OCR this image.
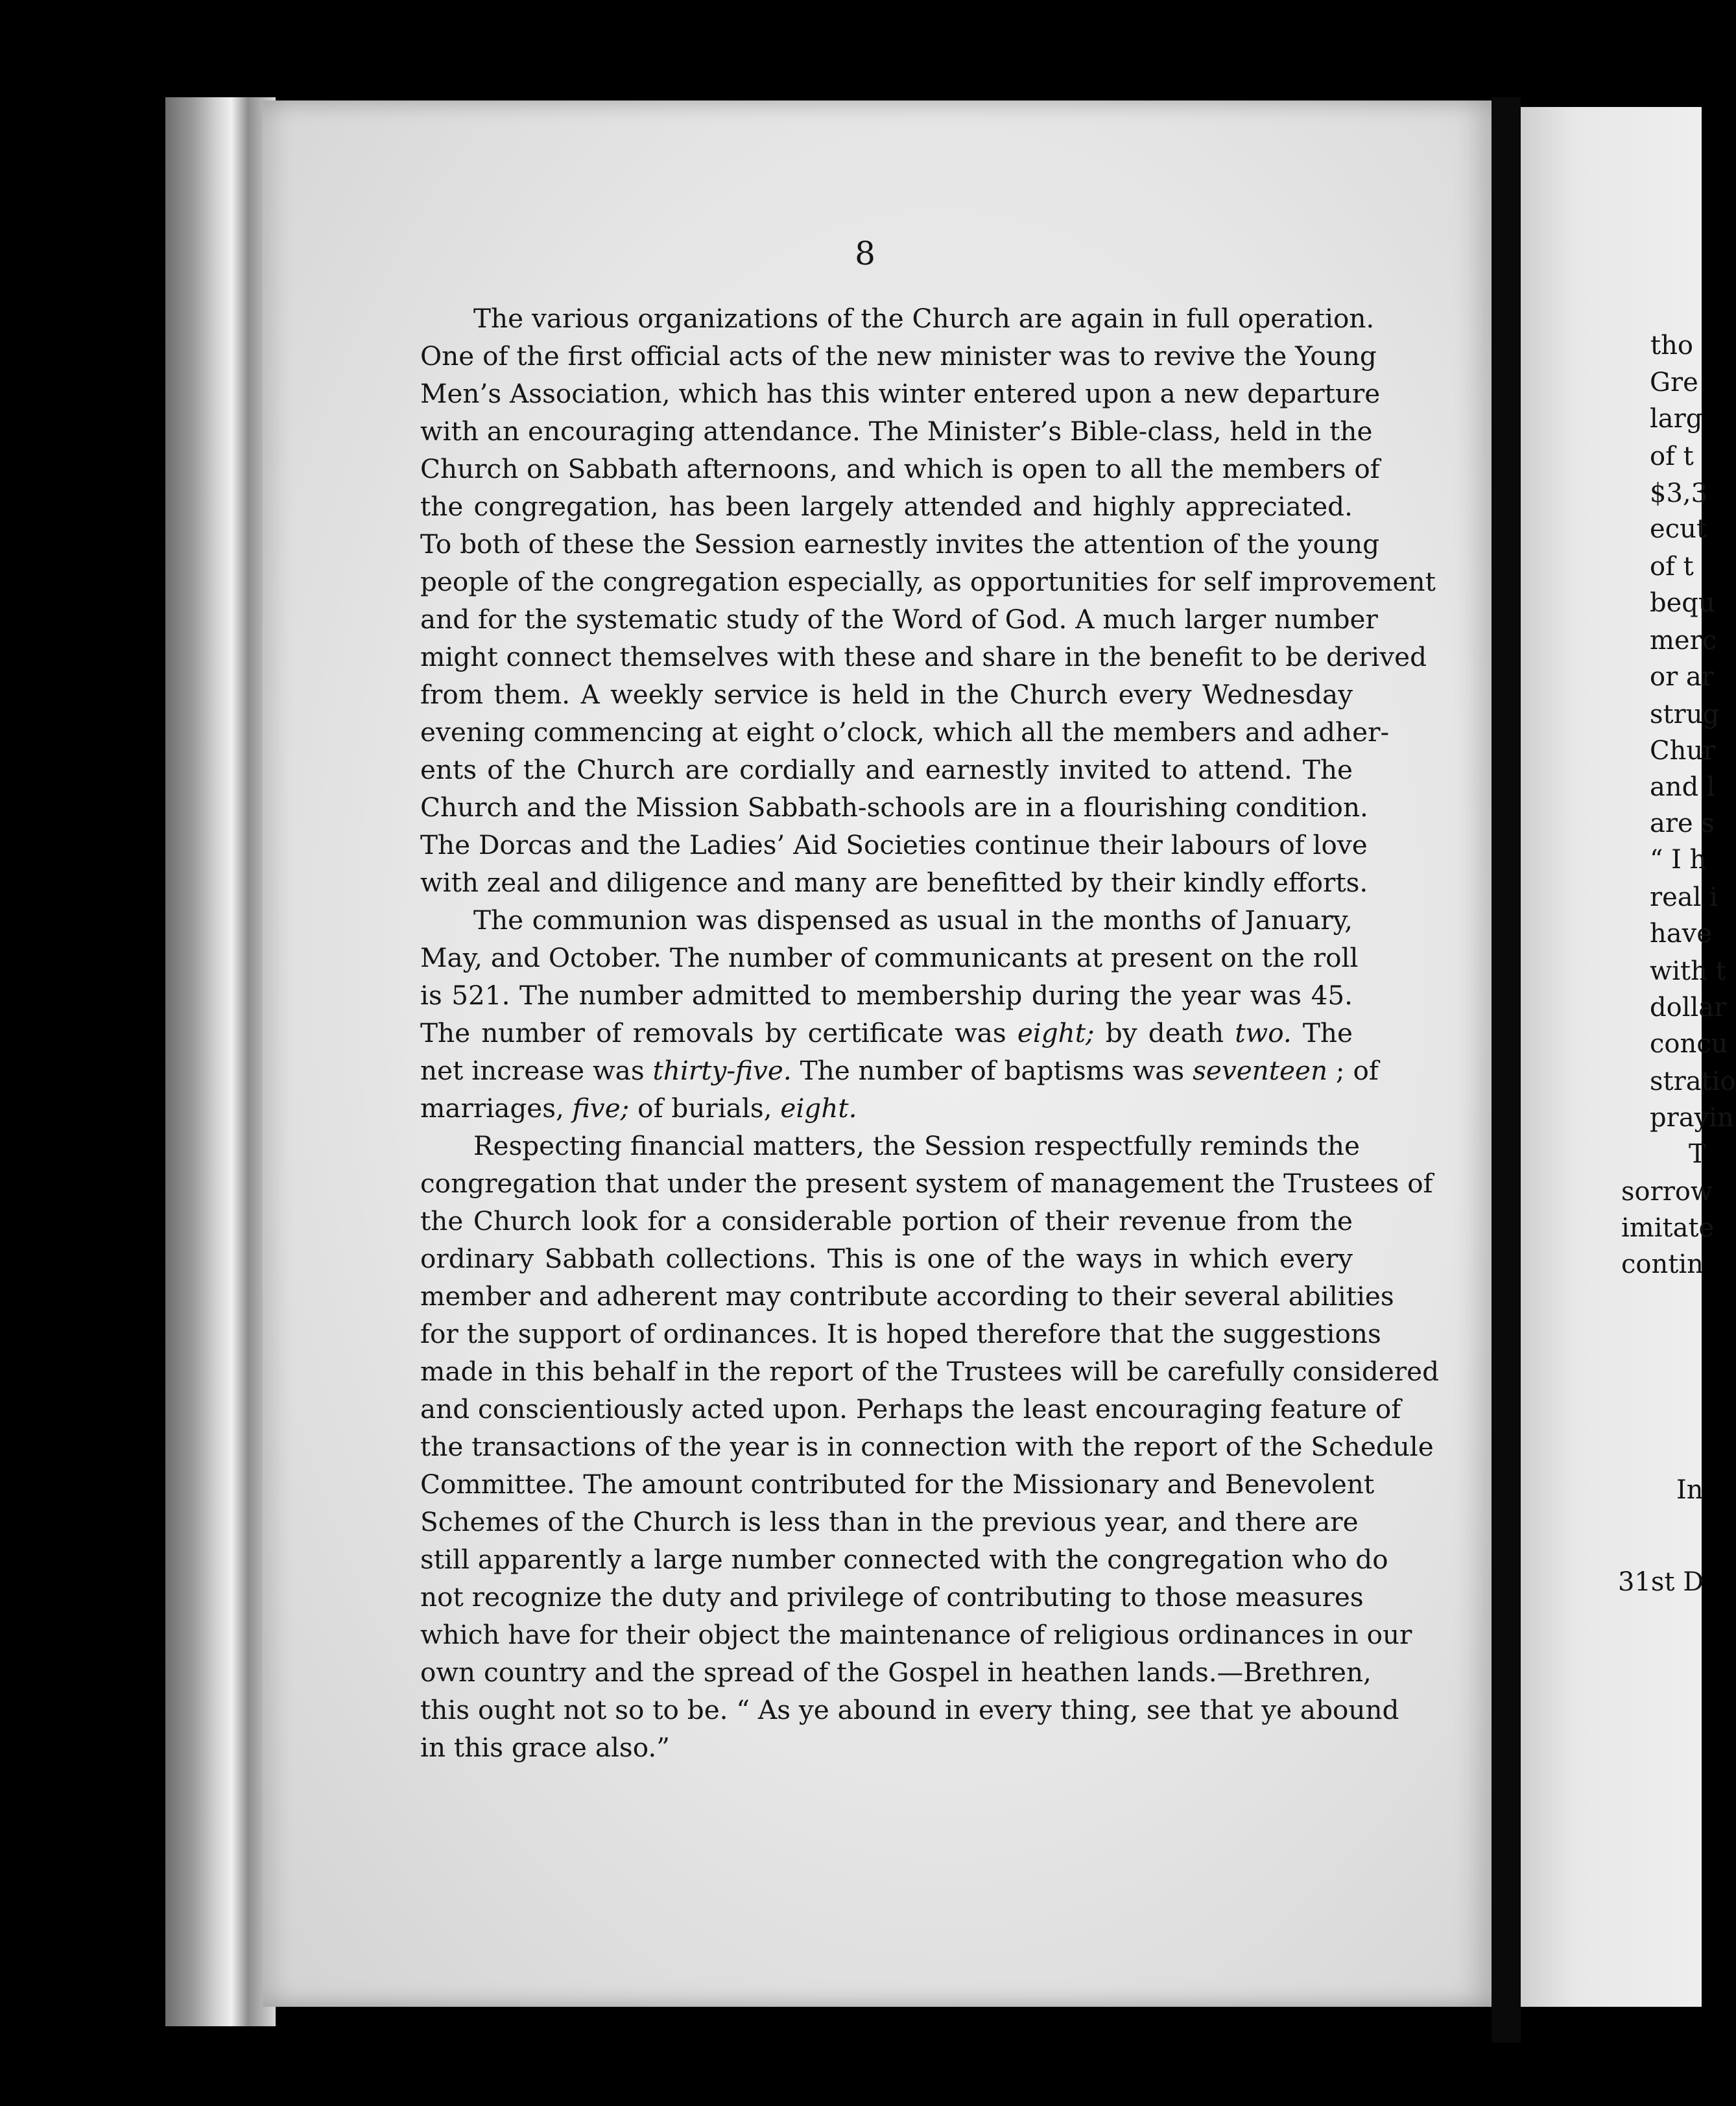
tho
Gre
larg
of t
$3,3
ecut
of t
bequ
merc
or ar
strug
Chur
and l
are s
“ I h
real i
have
with t
dollar
concu
stratio
prayin
T
sorrow
imitate
contin
In
31st D
8
The various organizations of the Church are again in full operation.
One of the first official acts of the new minister was to revive the Young
Men’s Association, which has this winter entered upon a new departure
with an encouraging attendance. The Minister’s Bible-class, held in the
Church on Sabbath afternoons, and which is open to all the members of
the congregation, has been largely attended and highly appreciated.
To both of these the Session earnestly invites the attention of the young
people of the congregation especially, as opportunities for self improvement
and for the systematic study of the Word of God. A much larger number
might connect themselves with these and share in the benefit to be derived
from them. A weekly service is held in the Church every Wednesday
evening commencing at eight o’clock, which all the members and adher-
ents of the Church are cordially and earnestly invited to attend. The
Church and the Mission Sabbath-schools are in a flourishing condition.
The Dorcas and the Ladies’ Aid Societies continue their labours of love
with zeal and diligence and many are benefitted by their kindly efforts.
The communion was dispensed as usual in the months of January,
May, and October. The number of communicants at present on the roll
is 521. The number admitted to membership during the year was 45.
The number of removals by certificate was eight; by death two. The
net increase was thirty-five. The number of baptisms was seventeen ; of
marriages, five; of burials, eight.
Respecting financial matters, the Session respectfully reminds the
congregation that under the present system of management the Trustees of
the Church look for a considerable portion of their revenue from the
ordinary Sabbath collections. This is one of the ways in which every
member and adherent may contribute according to their several abilities
for the support of ordinances. It is hoped therefore that the suggestions
made in this behalf in the report of the Trustees will be carefully considered
and conscientiously acted upon. Perhaps the least encouraging feature of
the transactions of the year is in connection with the report of the Schedule
Committee. The amount contributed for the Missionary and Benevolent
Schemes of the Church is less than in the previous year, and there are
still apparently a large number connected with the congregation who do
not recognize the duty and privilege of contributing to those measures
which have for their object the maintenance of religious ordinances in our
own country and the spread of the Gospel in heathen lands.—Brethren,
this ought not so to be. “ As ye abound in every thing, see that ye abound
in this grace also.”
